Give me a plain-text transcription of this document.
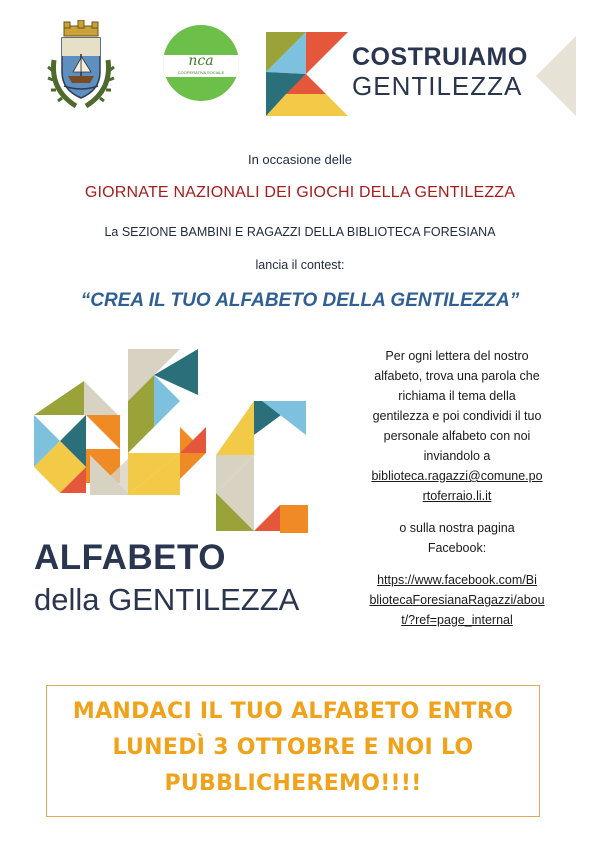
nca
COOPERATIVA SOCIALE
COSTRUIAMO
GENTILEZZA
In occasione delle
GIORNATE NAZIONALI DEI GIOCHI DELLA GENTILEZZA
La SEZIONE BAMBINI E RAGAZZI DELLA BIBLIOTECA FORESIANA
lancia il contest:
“CREA IL TUO ALFABETO DELLA GENTILEZZA”
ALFABETO
della GENTILEZZA
Per ogni lettera del nostro
alfabeto, trova una parola che
richiama il tema della
gentilezza e poi condividi il tuo
personale alfabeto con noi
inviandolo a
biblioteca.ragazzi@comune.po
rtoferraio.li.it
o sulla nostra pagina
Facebook:
https://www.facebook.com/Bi
bliotecaForesianaRagazzi/abou
t/?ref=page_internal
MANDACI IL TUO ALFABETO ENTRO
LUNEDÌ 3 OTTOBRE E NOI LO
PUBBLICHEREMO!!!!
